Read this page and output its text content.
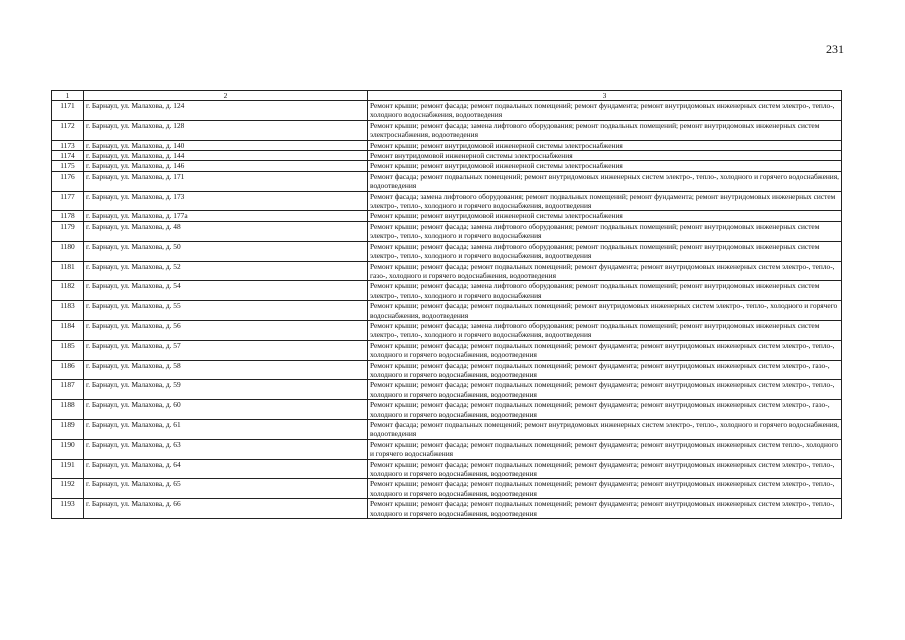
231
1	2	3
1171	г. Барнаул, ул. Малахова, д. 124	Ремонт крыши; ремонт фасада; ремонт подвальных помещений; ремонт фундамента; ремонт внутридомовых инженерных систем электро-, тепло-, холодного водоснабжения, водоотведения
1172	г. Барнаул, ул. Малахова, д. 128	Ремонт крыши; ремонт фасада; замена лифтового оборудования; ремонт подвальных помещений; ремонт внутридомовых инженерных систем электроснабжения, водоотведения
1173	г. Барнаул, ул. Малахова, д. 140	Ремонт крыши; ремонт внутридомовой инженерной системы электроснабжения
1174	г. Барнаул, ул. Малахова, д. 144	Ремонт внутридомовой инженерной системы электроснабжения
1175	г. Барнаул, ул. Малахова, д. 146	Ремонт крыши; ремонт внутридомовой инженерной системы электроснабжения
1176	г. Барнаул, ул. Малахова, д. 171	Ремонт фасада; ремонт подвальных помещений; ремонт внутридомовых инженерных систем электро-, тепло-, холодного и горячего водоснабжения, водоотведения
1177	г. Барнаул, ул. Малахова, д. 173	Ремонт фасада; замена лифтового оборудования; ремонт подвальных помещений; ремонт фундамента; ремонт внутридомовых инженерных систем электро-, тепло-, холодного и горячего водоснабжения, водоотведения
1178	г. Барнаул, ул. Малахова, д. 177а	Ремонт крыши; ремонт внутридомовой инженерной системы электроснабжения
1179	г. Барнаул, ул. Малахова, д. 48	Ремонт крыши; ремонт фасада; замена лифтового оборудования; ремонт подвальных помещений; ремонт внутридомовых инженерных систем электро-, тепло-, холодного и горячего водоснабжения
1180	г. Барнаул, ул. Малахова, д. 50	Ремонт крыши; ремонт фасада; замена лифтового оборудования; ремонт подвальных помещений; ремонт внутридомовых инженерных систем электро-, тепло-, холодного и горячего водоснабжения, водоотведения
1181	г. Барнаул, ул. Малахова, д. 52	Ремонт крыши; ремонт фасада; ремонт подвальных помещений; ремонт фундамента; ремонт внутридомовых инженерных систем электро-, тепло-, газо-, холодного и горячего водоснабжения, водоотведения
1182	г. Барнаул, ул. Малахова, д. 54	Ремонт крыши; ремонт фасада; замена лифтового оборудования; ремонт подвальных помещений; ремонт внутридомовых инженерных систем электро-, тепло-, холодного и горячего водоснабжения
1183	г. Барнаул, ул. Малахова, д. 55	Ремонт крыши; ремонт фасада; ремонт подвальных помещений; ремонт внутридомовых инженерных систем электро-, тепло-, холодного и горячего водоснабжения, водоотведения
1184	г. Барнаул, ул. Малахова, д. 56	Ремонт крыши; ремонт фасада; замена лифтового оборудования; ремонт подвальных помещений; ремонт внутридомовых инженерных систем электро-, тепло-, холодного и горячего водоснабжения, водоотведения
1185	г. Барнаул, ул. Малахова, д. 57	Ремонт крыши; ремонт фасада; ремонт подвальных помещений; ремонт фундамента; ремонт внутридомовых инженерных систем электро-, тепло-, холодного и горячего водоснабжения, водоотведения
1186	г. Барнаул, ул. Малахова, д. 58	Ремонт крыши; ремонт фасада; ремонт подвальных помещений; ремонт фундамента; ремонт внутридомовых инженерных систем электро-, газо-, холодного и горячего водоснабжения, водоотведения
1187	г. Барнаул, ул. Малахова, д. 59	Ремонт крыши; ремонт фасада; ремонт подвальных помещений; ремонт фундамента; ремонт внутридомовых инженерных систем электро-, тепло-, холодного и горячего водоснабжения, водоотведения
1188	г. Барнаул, ул. Малахова, д. 60	Ремонт крыши; ремонт фасада; ремонт подвальных помещений; ремонт фундамента; ремонт внутридомовых инженерных систем электро-, газо-, холодного и горячего водоснабжения, водоотведения
1189	г. Барнаул, ул. Малахова, д. 61	Ремонт фасада; ремонт подвальных помещений; ремонт внутридомовых инженерных систем электро-, тепло-, холодного и горячего водоснабжения, водоотведения
1190	г. Барнаул, ул. Малахова, д. 63	Ремонт крыши; ремонт фасада; ремонт подвальных помещений; ремонт фундамента; ремонт внутридомовых инженерных систем тепло-, холодного и горячего водоснабжения
1191	г. Барнаул, ул. Малахова, д. 64	Ремонт крыши; ремонт фасада; ремонт подвальных помещений; ремонт фундамента; ремонт внутридомовых инженерных систем электро-, тепло-, холодного и горячего водоснабжения, водоотведения
1192	г. Барнаул, ул. Малахова, д. 65	Ремонт крыши; ремонт фасада; ремонт подвальных помещений; ремонт фундамента; ремонт внутридомовых инженерных систем электро-, тепло-, холодного и горячего водоснабжения, водоотведения
1193	г. Барнаул, ул. Малахова, д. 66	Ремонт крыши; ремонт фасада; ремонт подвальных помещений; ремонт фундамента; ремонт внутридомовых инженерных систем электро-, тепло-, холодного и горячего водоснабжения, водоотведения
